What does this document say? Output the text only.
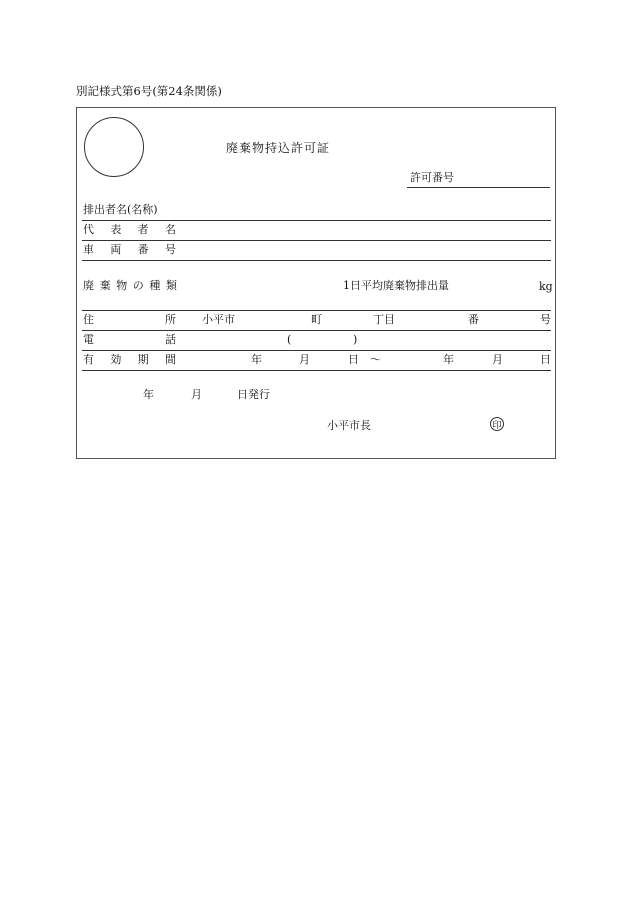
別記様式第6号(第24条関係)
廃棄物持込許可証
許可番号
排出者名(名称)
代 表 者 名
車 両 番 号
廃 棄 物 の 種 類	1日平均廃棄物排出量	kg
住	所 小平市	町	丁目	番	号
電	話	(	)
有 効 期 間	年	月	日 ～	年	月	日
年	月	日発行
小平市長	印
